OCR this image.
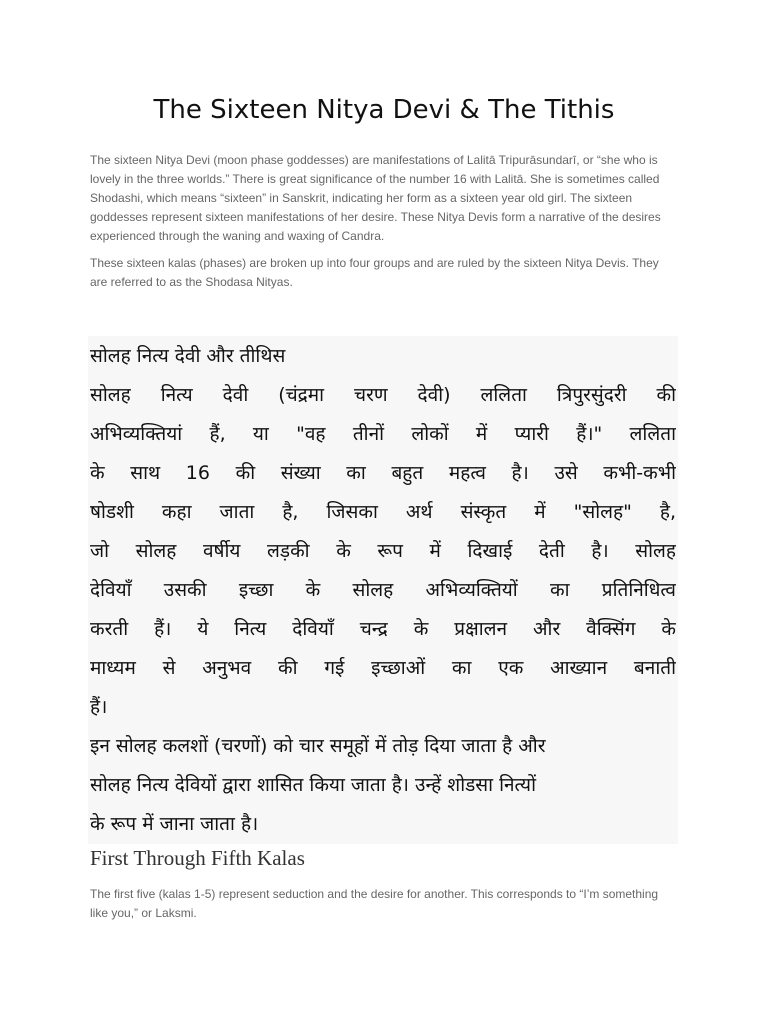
The Sixteen Nitya Devi & The Tithis

The sixteen Nitya Devi (moon phase goddesses) are manifestations of Lalitā Tripurāsundarī, or “she who is lovely in the three worlds.” There is great significance of the number 16 with Lalitā. She is sometimes called Shodashi, which means “sixteen” in Sanskrit, indicating her form as a sixteen year old girl. The sixteen goddesses represent sixteen manifestations of her desire. These Nitya Devis form a narrative of the desires experienced through the waning and waxing of Candra.

These sixteen kalas (phases) are broken up into four groups and are ruled by the sixteen Nitya Devis. They are referred to as the Shodasa Nityas.

सोलह नित्य देवी और तीथिस
सोलह नित्य देवी (चंद्रमा चरण देवी) ललिता त्रिपुरसुंदरी की
अभिव्यक्तियां हैं, या "वह तीनों लोकों में प्यारी हैं।" ललिता
के साथ 16 की संख्या का बहुत महत्व है। उसे कभी-कभी
षोडशी कहा जाता है, जिसका अर्थ संस्कृत में "सोलह" है,
जो सोलह वर्षीय लड़की के रूप में दिखाई देती है। सोलह
देवियाँ उसकी इच्छा के सोलह अभिव्यक्तियों का प्रतिनिधित्व
करती हैं। ये नित्य देवियाँ चन्द्र के प्रक्षालन और वैक्सिंग के
माध्यम से अनुभव की गई इच्छाओं का एक आख्यान बनाती
हैं।
इन सोलह कलशों (चरणों) को चार समूहों में तोड़ दिया जाता है और
सोलह नित्य देवियों द्वारा शासित किया जाता है। उन्हें शोडसा नित्यों
के रूप में जाना जाता है।
First Through Fifth Kalas

The first five (kalas 1-5) represent seduction and the desire for another. This corresponds to “I’m something like you,” or Laksmi.
